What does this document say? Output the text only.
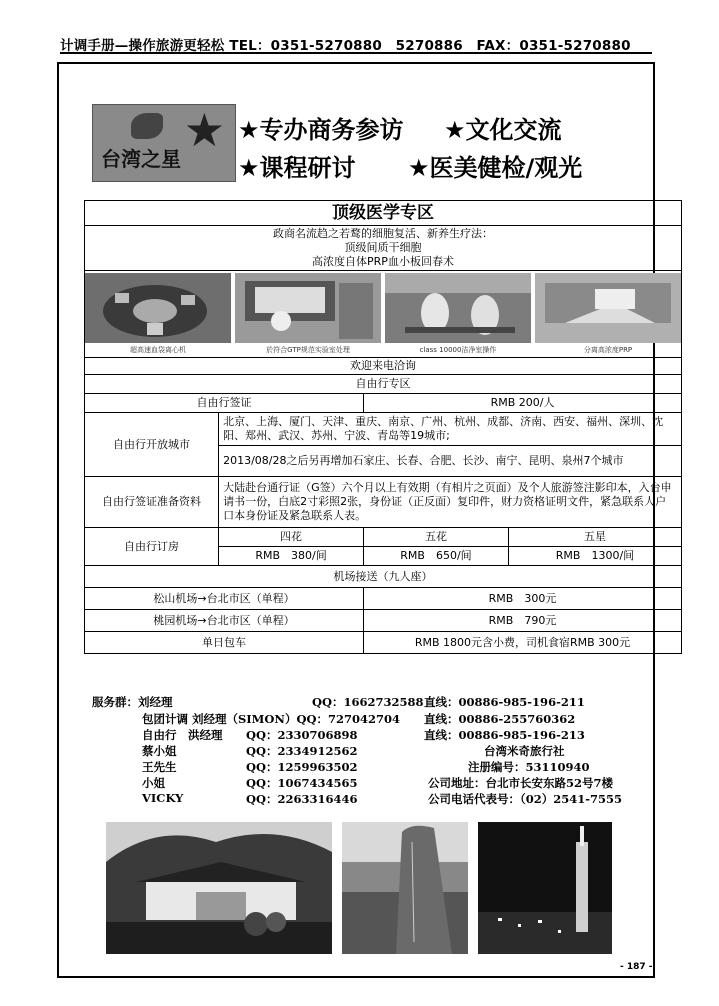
计调手册—操作旅游更轻松 TEL：0351-5270880　5270886　FAX：0351-5270880
★
台湾之星
★专办商务参访 ★文化交流
★课程研讨 ★医美健检/观光
顶级医学专区			

政商名流趋之若鹜的细胞复活、新养生疗法：
顶级间质干细胞
高浓度自体PRP血小板回春术			

超高速血袋离心机 於符合GTP规范实验室处理 class 10000洁净室操作 分离高浓度PRP			

欢迎来电洽询			
自由行专区			
自由行签证		RMB 200/人	
自由行开放城市	北京、上海、厦门、天津、重庆、南京、广州、杭州、成都、济南、西安、福州、深圳、沈阳、郑州、武汉、苏州、宁波、青岛等19城市;		
	2013/08/28之后另再增加石家庄、长春、合肥、长沙、南宁、昆明、泉州7个城市		
自由行签证准备资料	大陆赴台通行证（G签）六个月以上有效期（有相片之页面）及个人旅游签注影印本，入台申请书一份，白底2寸彩照2张，身份证（正反面）复印件，财力资格证明文件，紧急联系人户口本身份证及紧急联系人表。		
自由行订房	四花	五花	五星
	RMB　380/间	RMB　650/间	RMB　1300/间
机场接送（九人座）			
松山机场→台北市区（单程）		RMB　300元	
桃园机场→台北市区（单程）		RMB　790元	
单日包车		RMB 1800元含小费，司机食宿RMB 300元	
服务群：刘经理	QQ：1662732588 直线：00886-985-196-211
包团计调 刘经理（SIMON）QQ：727042704 直线：00886-255760362
自由行　洪经理 QQ：2330706898	直线：00886-985-196-213
蔡小姐	QQ：2334912562	台湾米奇旅行社
王先生	QQ：1259963502	注册编号：53110940
小姐	QQ：1067434565	公司地址：台北市长安东路52号7楼
VICKY	QQ：2263316446	公司电话代表号：（02）2541-7555
- 187 -
